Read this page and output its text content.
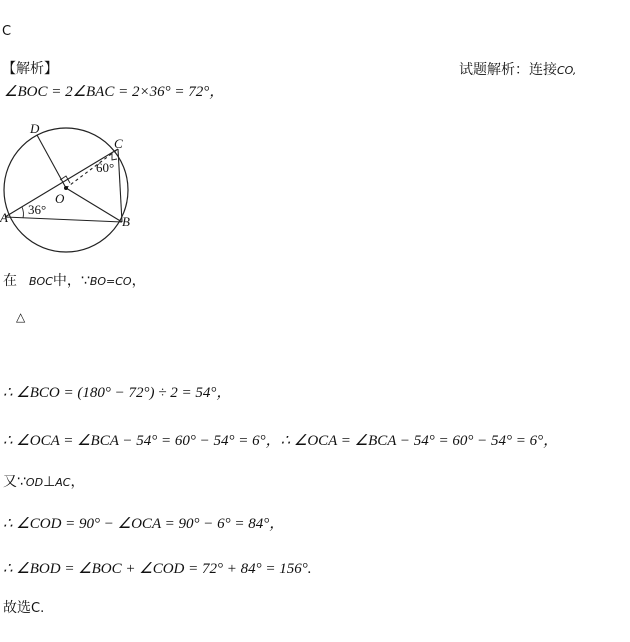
C
【解析】	试题解析：连接CO,
∠BOC = 2∠BAC = 2×36° = 72°，
D
C
O
A	B
36°
60°
在 BOC中，∵BO=CO，
△
∴ ∠BCO = (180° − 72°) ÷ 2 = 54°，
∴ ∠OCA = ∠BCA − 54° = 60° − 54° = 6°，∴ ∠OCA = ∠BCA − 54° = 60° − 54° = 6°，
又∵OD⊥AC，
∴ ∠COD = 90° − ∠OCA = 90° − 6° = 84°，
∴ ∠BOD = ∠BOC + ∠COD = 72° + 84° = 156°.
故选C.
